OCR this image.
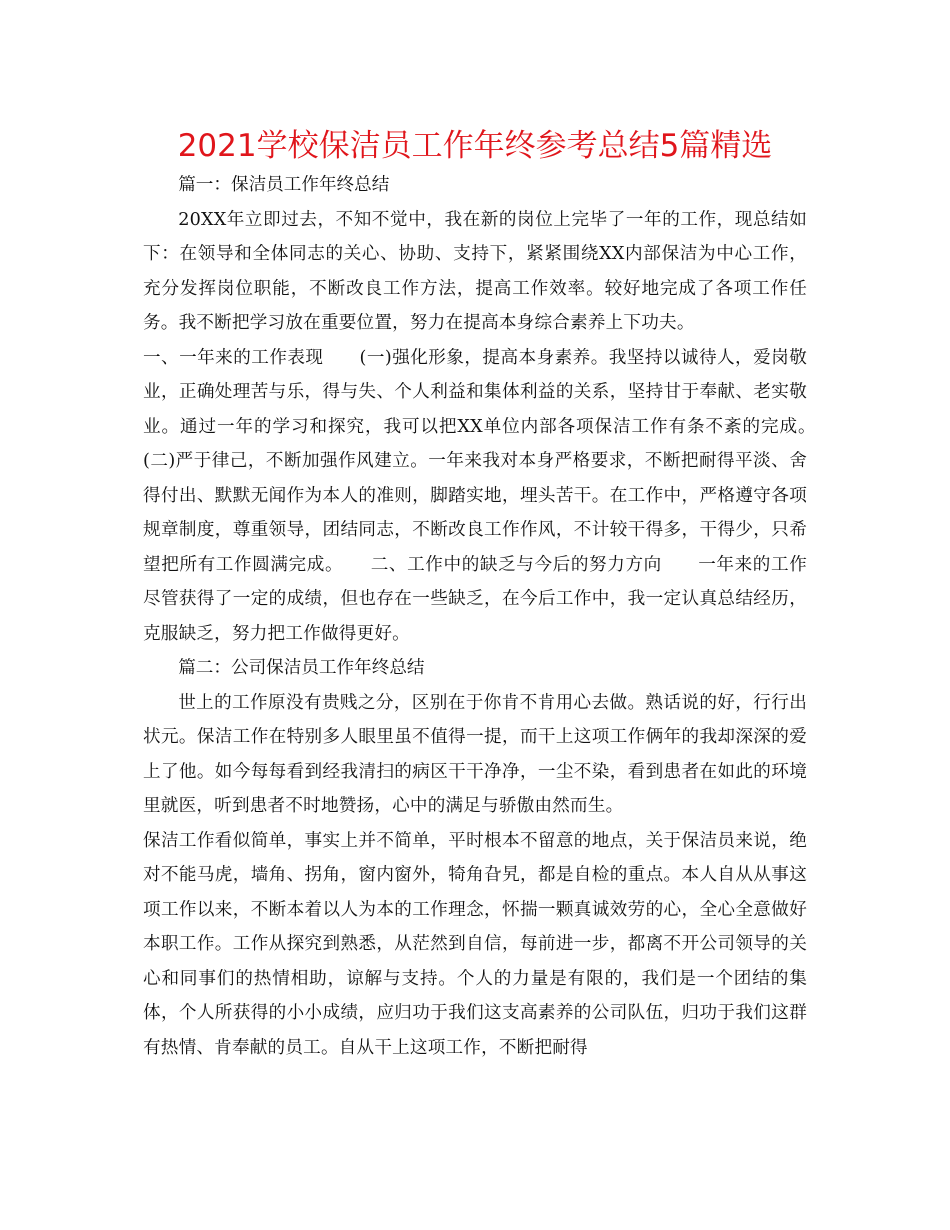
2021学校保洁员工作年终参考总结5篇精选

篇一：保洁员工作年终总结

20XX年立即过去，不知不觉中，我在新的岗位上完毕了一年的工作，现总结如下：在领导和全体同志的关心、协助、支持下，紧紧围绕XX内部保洁为中心工作，充分发挥岗位职能，不断改良工作方法，提高工作效率。较好地完成了各项工作任务。我不断把学习放在重要位置，努力在提高本身综合素养上下功夫。

一、一年来的工作表现　　(一)强化形象，提高本身素养。我坚持以诚待人，爱岗敬业，正确处理苦与乐，得与失、个人利益和集体利益的关系，坚持甘于奉献、老实敬业。通过一年的学习和探究，我可以把XX单位内部各项保洁工作有条不紊的完成。　　(二)严于律己，不断加强作风建立。一年来我对本身严格要求，不断把耐得平淡、舍得付出、默默无闻作为本人的准则，脚踏实地，埋头苦干。在工作中，严格遵守各项规章制度，尊重领导，团结同志，不断改良工作作风，不计较干得多，干得少，只希望把所有工作圆满完成。　　二、工作中的缺乏与今后的努力方向　　一年来的工作尽管获得了一定的成绩，但也存在一些缺乏，在今后工作中，我一定认真总结经历，克服缺乏，努力把工作做得更好。

篇二：公司保洁员工作年终总结

世上的工作原没有贵贱之分，区别在于你肯不肯用心去做。熟话说的好，行行出状元。保洁工作在特别多人眼里虽不值得一提，而干上这项工作俩年的我却深深的爱上了他。如今每每看到经我清扫的病区干干净净，一尘不染，看到患者在如此的环境里就医，听到患者不时地赞扬，心中的满足与骄傲由然而生。

保洁工作看似简单，事实上并不简单，平时根本不留意的地点，关于保洁员来说，绝对不能马虎，墙角、拐角，窗内窗外，犄角旮旯，都是自检的重点。本人自从从事这项工作以来，不断本着以人为本的工作理念，怀揣一颗真诚效劳的心，全心全意做好本职工作。工作从探究到熟悉，从茫然到自信，每前进一步，都离不开公司领导的关心和同事们的热情相助，谅解与支持。个人的力量是有限的，我们是一个团结的集体，个人所获得的小小成绩，应归功于我们这支高素养的公司队伍，归功于我们这群有热情、肯奉献的员工。自从干上这项工作，不断把耐得
